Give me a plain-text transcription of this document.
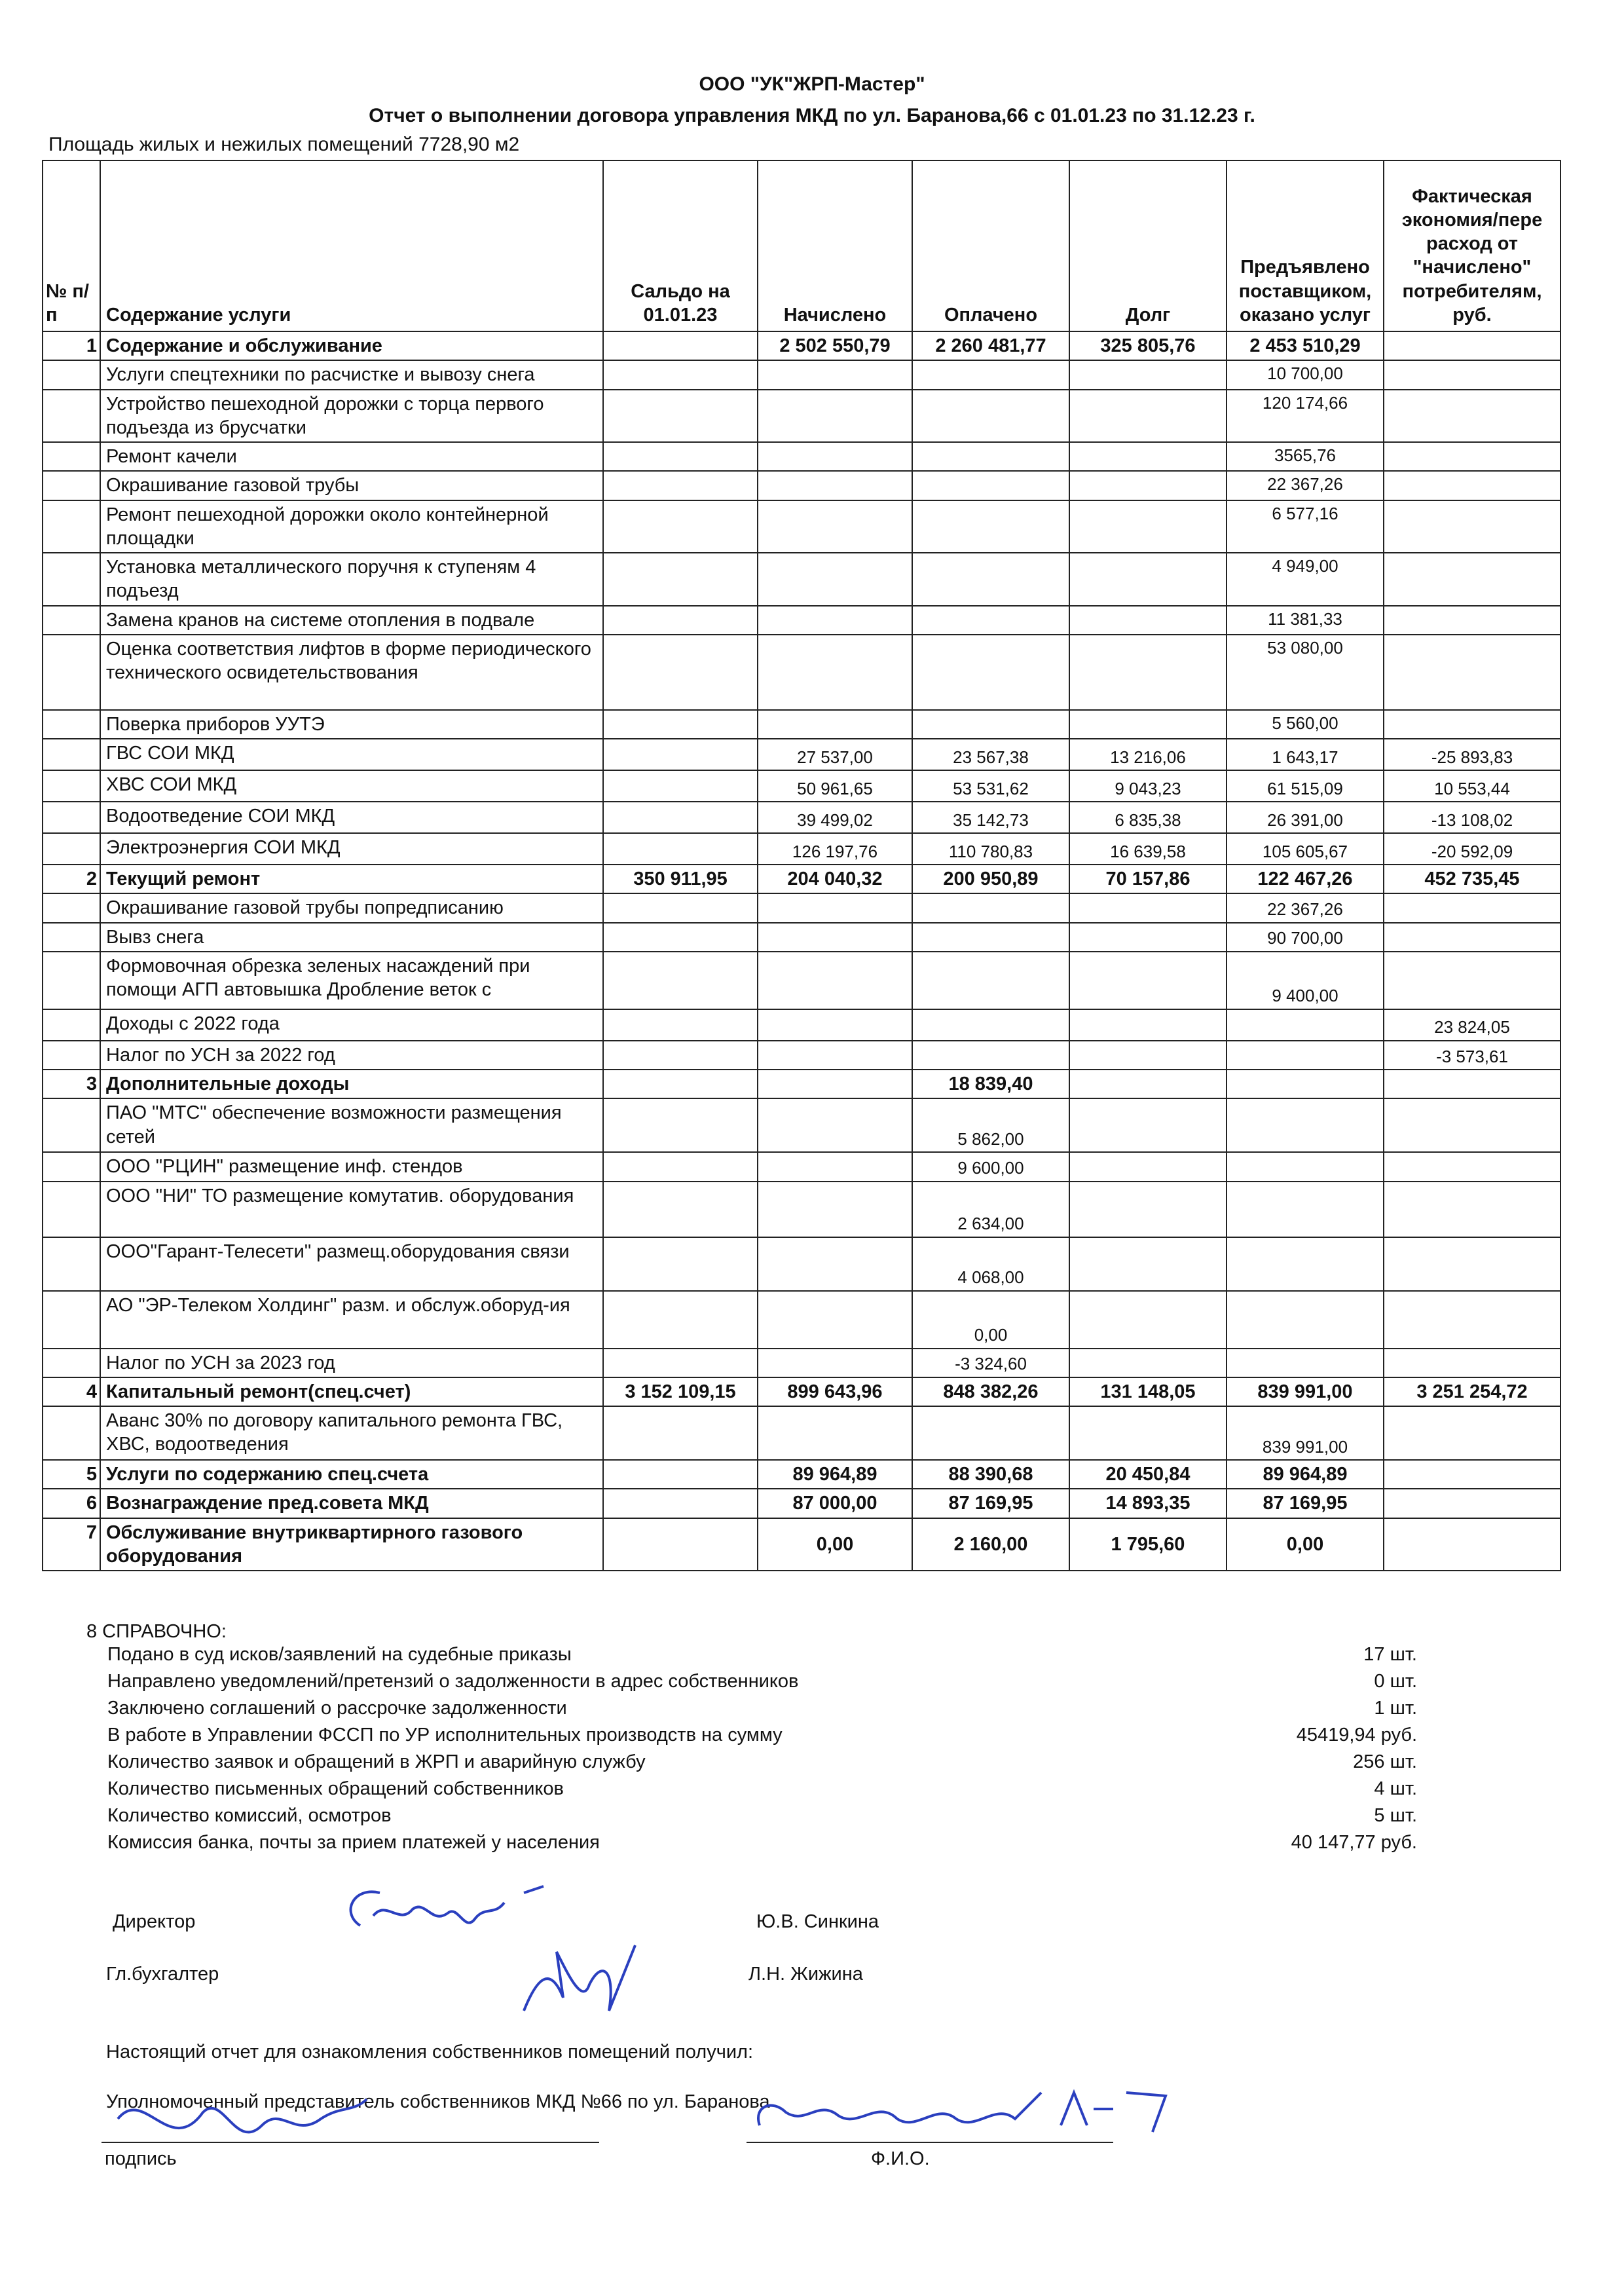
ООО "УК"ЖРП-Мастер"
Отчет о выполнении договора управления МКД по ул. Баранова,66 с 01.01.23 по 31.12.23 г.
Площадь жилых и нежилых помещений 7728,90 м2
№ п/п	Содержание услуги	Сальдо на 01.01.23	Начислено	Оплачено	Долг	Предъявлено поставщиком, оказано услуг	Фактическая экономия/пере расход от "начислено" потребителям, руб.
1	Содержание и обслуживание		2 502 550,79	2 260 481,77	325 805,76	2 453 510,29	
	Услуги спецтехники по расчистке и вывозу снега					10 700,00	
	Устройство пешеходной дорожки с торца первого подъезда из брусчатки					120 174,66	
	Ремонт качели					3565,76	
	Окрашивание газовой трубы					22 367,26	
	Ремонт пешеходной дорожки около контейнерной площадки					6 577,16	
	Установка металлического поручня к ступеням 4 подъезд					4 949,00	
	Замена кранов на системе отопления в подвале					11 381,33	
	Оценка соответствия лифтов в форме периодического технического освидетельствования					53 080,00	
	Поверка приборов УУТЭ					5 560,00	
	ГВС СОИ МКД		27 537,00	23 567,38	13 216,06	1 643,17	-25 893,83
	ХВС СОИ МКД		50 961,65	53 531,62	9 043,23	61 515,09	10 553,44
	Водоотведение СОИ МКД		39 499,02	35 142,73	6 835,38	26 391,00	-13 108,02
	Электроэнергия СОИ МКД		126 197,76	110 780,83	16 639,58	105 605,67	-20 592,09
2	Текущий ремонт	350 911,95	204 040,32	200 950,89	70 157,86	122 467,26	452 735,45
	Окрашивание газовой трубы попредписанию					22 367,26	
	Вывз снега					90 700,00	
	Формовочная обрезка зеленых насаждений при помощи АГП автовышка Дробление веток с					9 400,00	
	Доходы с 2022 года						23 824,05
	Налог по УСН за 2022 год						-3 573,61
3	Дополнительные доходы			18 839,40			
	ПАО "МТС" обеспечение возможности размещения сетей			5 862,00			
	ООО "РЦИН" размещение инф. стендов			9 600,00			
	ООО "НИ" ТО размещение комутатив. оборудования			2 634,00			
	ООО"Гарант-Телесети" размещ.оборудования связи			4 068,00			
	АО "ЭР-Телеком Холдинг" разм. и обслуж.оборуд-ия			0,00			
	Налог по УСН за 2023 год			-3 324,60			
4	Капитальный ремонт(спец.счет)	3 152 109,15	899 643,96	848 382,26	131 148,05	839 991,00	3 251 254,72
	Аванс 30% по договору капитального ремонта ГВС, ХВС, водоотведения					839 991,00	
5	Услуги по содержанию спец.счета		89 964,89	88 390,68	20 450,84	89 964,89	
6	Вознаграждение пред.совета МКД		87 000,00	87 169,95	14 893,35	87 169,95	
7	Обслуживание внутриквартирного газового оборудования		0,00	2 160,00	1 795,60	0,00	
8 СПРАВОЧНО:
Подано в суд исков/заявлений на судебные приказы	17 шт.
Направлено уведомлений/претензий о задолженности в адрес собственников	0 шт.
Заключено соглашений о рассрочке задолженности	1 шт.
В работе в Управлении ФССП по УР исполнительных производств на сумму	45419,94 руб.
Количество заявок и обращений в ЖРП и аварийную службу	256 шт.
Количество письменных обращений собственников	4 шт.
Количество комиссий, осмотров	5 шт.
Комиссия банка, почты за прием платежей у населения	40 147,77 руб.
Директор	Ю.В. Синкина
Гл.бухгалтер	Л.Н. Жижина
Настоящий отчет для ознакомления собственников помещений получил:
Уполномоченный представитель собственников МКД №66 по ул. Баранова
подпись	Ф.И.О.
